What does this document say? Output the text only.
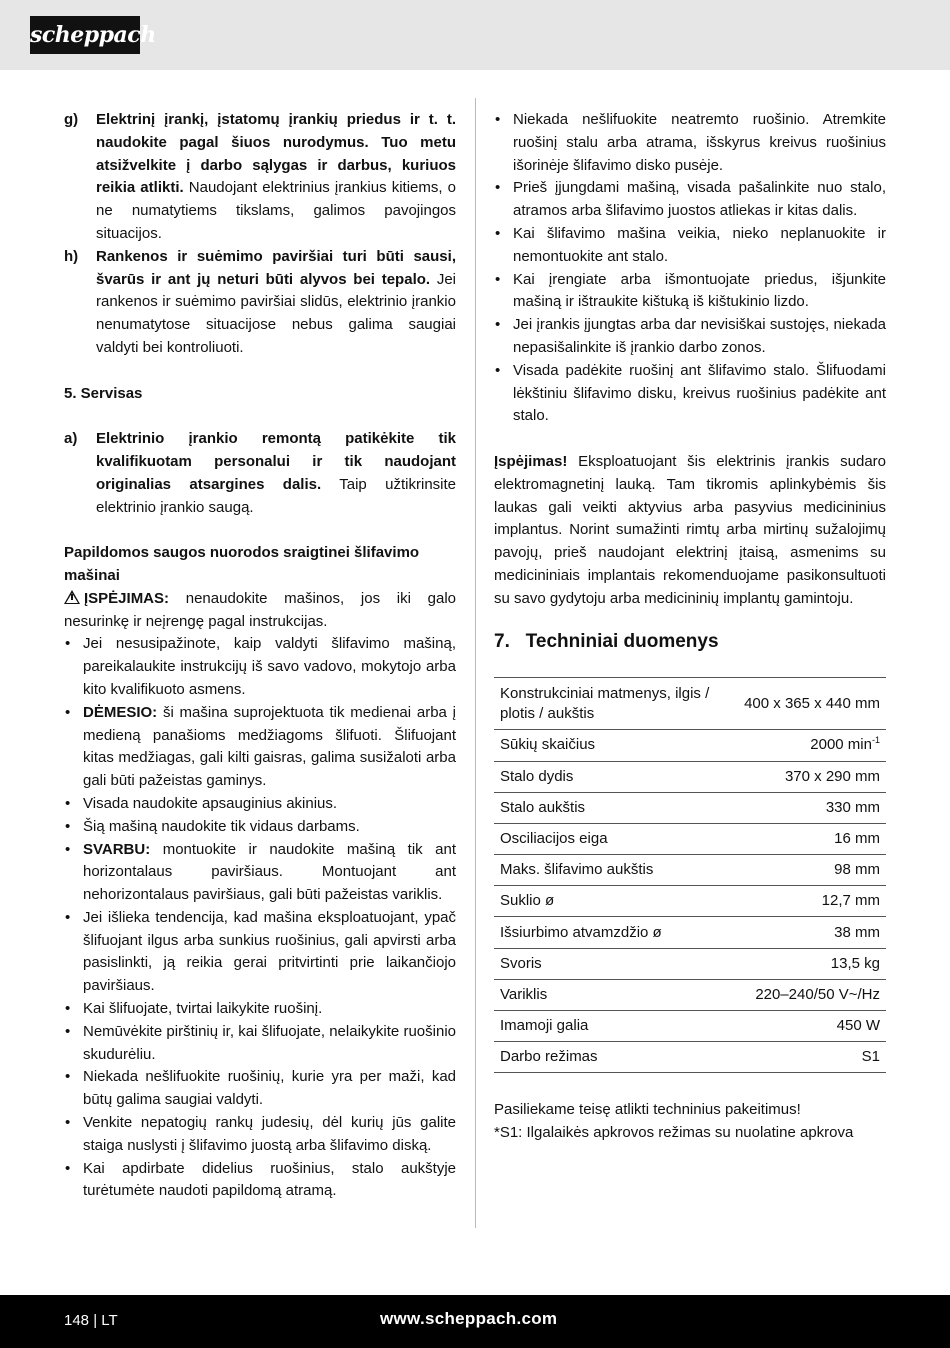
scheppach
g) Elektrinį įrankį, įstatomų įrankių priedus ir t. t. naudokite pagal šiuos nurodymus. Tuo metu atsižvelkite į darbo sąlygas ir darbus, kuriuos reikia atlikti. Naudojant elektrinius įrankius kitiems, o ne numatytiems tikslams, galimos pavojingos situacijos.
h) Rankenos ir suėmimo paviršiai turi būti sausi, švarūs ir ant jų neturi būti alyvos bei tepalo. Jei rankenos ir suėmimo paviršiai slidūs, elektrinio įrankio nenumatytose situacijose nebus galima saugiai valdyti bei kontroliuoti.

5. Servisas

a) Elektrinio įrankio remontą patikėkite tik kvalifikuotam personalui ir tik naudojant originalias atsargines dalis. Taip užtikrinsite elektrinio įrankio saugą.

Papildomos saugos nuorodos sraigtinei šlifavimo mašinai

ĮSPĖJIMAS: nenaudokite mašinos, jos iki galo nesurinkę ir neįrengę pagal instrukcijas.

• Jei nesusipažinote, kaip valdyti šlifavimo mašiną, pareikalaukite instrukcijų iš savo vadovo, mokytojo arba kito kvalifikuoto asmens.
• DĖMESIO: ši mašina suprojektuota tik medienai arba į medieną panašioms medžiagoms šlifuoti. Šlifuojant kitas medžiagas, gali kilti gaisras, galima susižaloti arba gali būti pažeistas gaminys.
• Visada naudokite apsauginius akinius.
• Šią mašiną naudokite tik vidaus darbams.
• SVARBU: montuokite ir naudokite mašiną tik ant horizontalaus paviršiaus. Montuojant ant nehorizontalaus paviršiaus, gali būti pažeistas variklis.
• Jei išlieka tendencija, kad mašina eksploatuojant, ypač šlifuojant ilgus arba sunkius ruošinius, gali apvirsti arba pasislinkti, ją reikia gerai pritvirtinti prie laikančiojo paviršiaus.
• Kai šlifuojate, tvirtai laikykite ruošinį.
• Nemūvėkite pirštinių ir, kai šlifuojate, nelaikykite ruošinio skudurėliu.
• Niekada nešlifuokite ruošinių, kurie yra per maži, kad būtų galima saugiai valdyti.
• Venkite nepatogių rankų judesių, dėl kurių jūs galite staiga nuslysti į šlifavimo juostą arba šlifavimo diską.
• Kai apdirbate didelius ruošinius, stalo aukštyje turėtumėte naudoti papildomą atramą.
• Niekada nešlifuokite neatremto ruošinio. Atremkite ruošinį stalu arba atrama, išskyrus kreivus ruošinius išorinėje šlifavimo disko pusėje.
• Prieš įjungdami mašiną, visada pašalinkite nuo stalo, atramos arba šlifavimo juostos atliekas ir kitas dalis.
• Kai šlifavimo mašina veikia, nieko neplanuokite ir nemontuokite ant stalo.
• Kai įrengiate arba išmontuojate priedus, išjunkite mašiną ir ištraukite kištuką iš kištukinio lizdo.
• Jei įrankis įjungtas arba dar nevisiškai sustojęs, niekada nepasišalinkite iš įrankio darbo zonos.
• Visada padėkite ruošinį ant šlifavimo stalo. Šlifuodami lėkštiniu šlifavimo disku, kreivus ruošinius padėkite ant stalo.

Įspėjimas! Eksploatuojant šis elektrinis įrankis sudaro elektromagnetinį lauką. Tam tikromis aplinkybėmis šis laukas gali veikti aktyvius arba pasyvius medicininius implantus. Norint sumažinti rimtų arba mirtinų sužalojimų pavojų, prieš naudojant elektrinį įtaisą, asmenims su medicininiais implantais rekomenduojame pasikonsultuoti su savo gydytoju arba medicininių implantų gamintoju.

7.   Techniniai duomenys

Konstrukciniai matmenys, ilgis / plotis / aukštis	400 x 365 x 440 mm
Sūkių skaičius	2000 $\min^{-1}$
Stalo dydis	370 x 290 mm
Stalo aukštis	330 mm
Osciliacijos eiga	16 mm
Maks. šlifavimo aukštis	98 mm
Suklio ø	12,7 mm
Išsiurbimo atvamzdžio ø	38 mm
Svoris	13,5 kg
Variklis	220–240/50 V~/Hz
Imamoji galia	450 W
Darbo režimas	S1

Pasiliekame teisę atlikti techninius pakeitimus!

*S1: Ilgalaikės apkrovos režimas su nuolatine apkrova

148 | LT	www.scheppach.com
